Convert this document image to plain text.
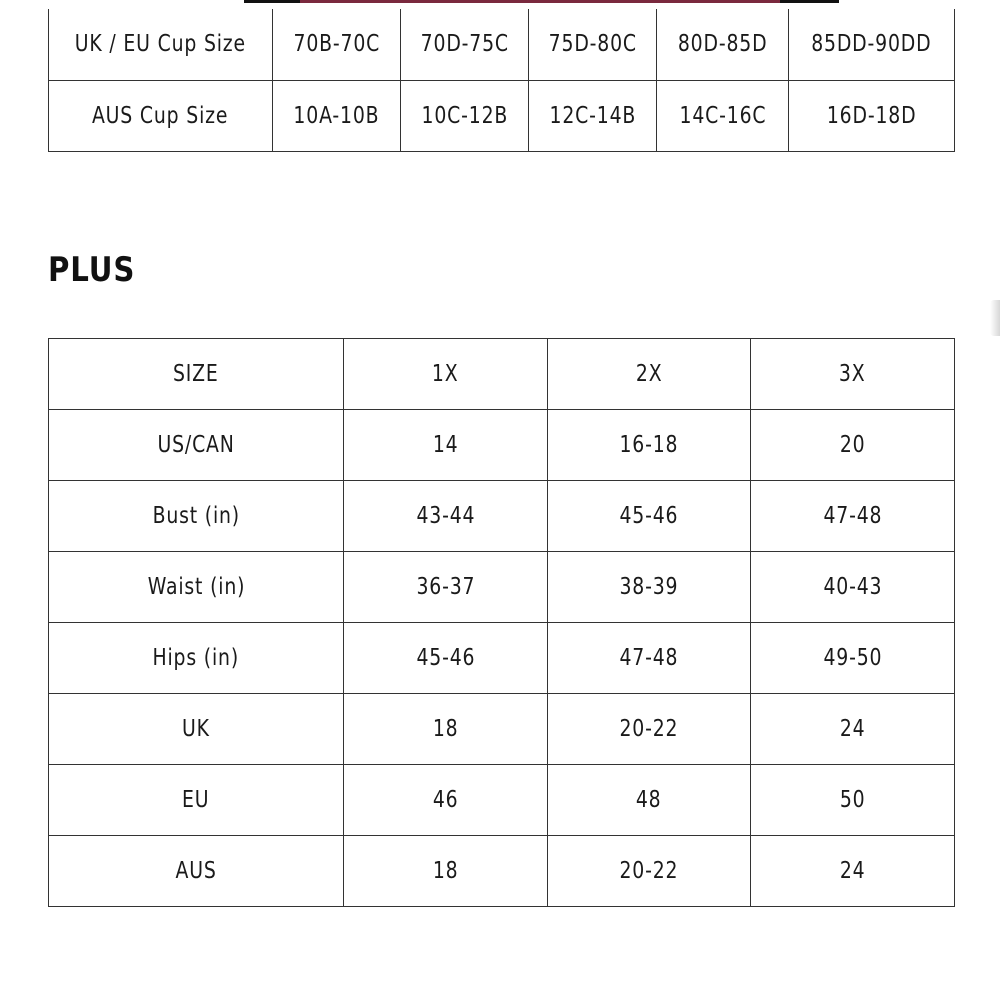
UK / EU Cup Size	70B-70C	70D-75C	75D-80C	80D-85D	85DD-90DD
AUS Cup Size	10A-10B	10C-12B	12C-14B	14C-16C	16D-18D
PLUS
SIZE	1X	2X	3X
US/CAN	14	16-18	20
Bust (in)	43-44	45-46	47-48
Waist (in)	36-37	38-39	40-43
Hips (in)	45-46	47-48	49-50
UK	18	20-22	24
EU	46	48	50
AUS	18	20-22	24
